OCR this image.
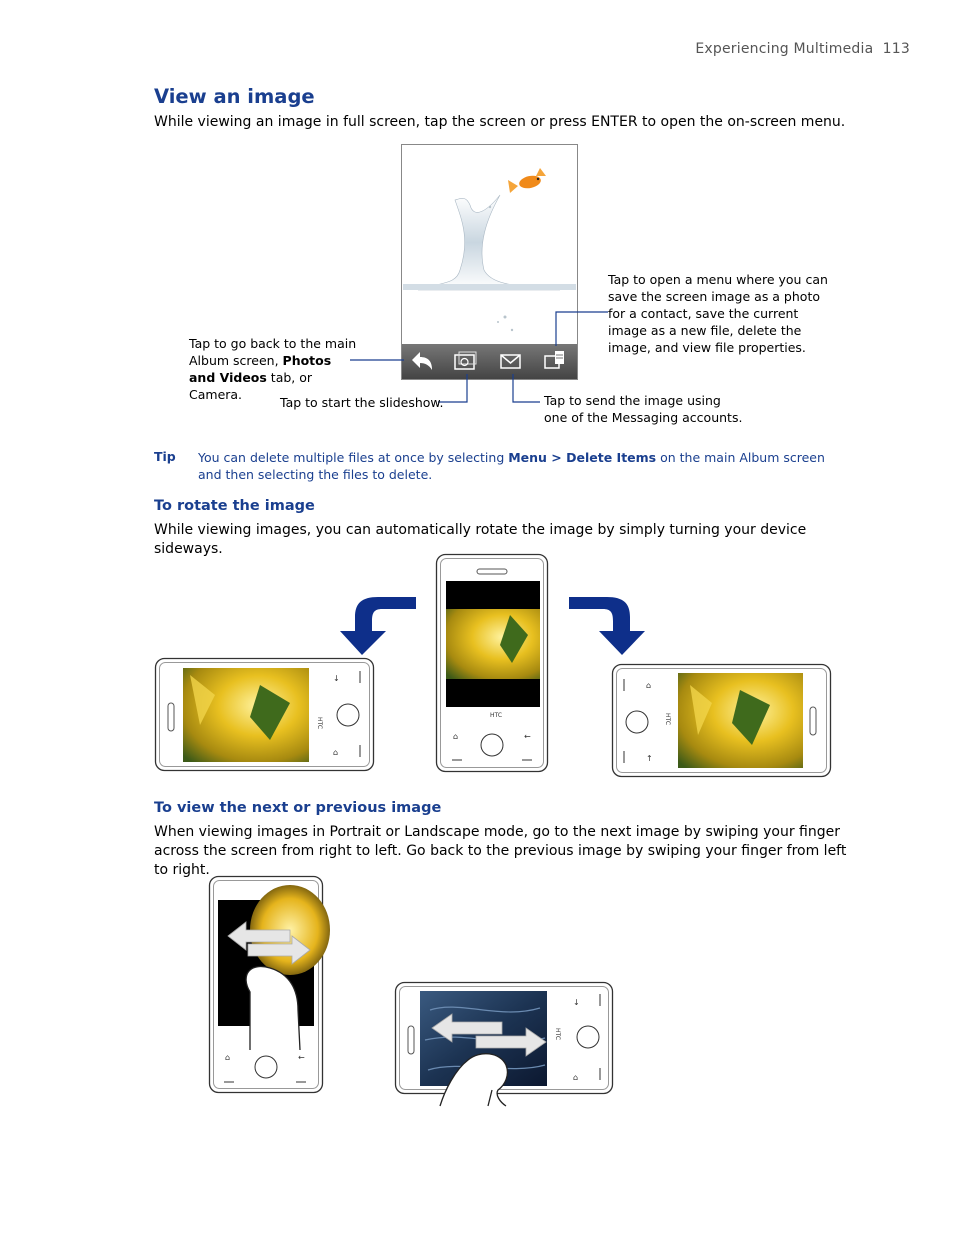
Experiencing Multimedia 113
View an image
While viewing an image in full screen, tap the screen or press ENTER to open the on-screen menu.
Tap to go back to the main Album screen, Photos and Videos tab, or Camera.
Tap to open a menu where you can save the screen image as a photo for a contact, save the current image as a new file, delete the image, and view file properties.
Tap to start the slideshow.	Tap to send the image using one of the Messaging accounts.
Tip You can delete multiple files at once by selecting Menu > Delete Items on the main Album screen and then selecting the files to delete.
To rotate the image
While viewing images, you can automatically rotate the image by simply turning your device sideways.
HTC
⌂	←
HTC
↓
⌂
HTC
⌂
↑
To view the next or previous image
When viewing images in Portrait or Landscape mode, go to the next image by swiping your finger across the screen from right to left. Go back to the previous image by swiping your finger from left to right.
⌂	←
HTC
↓
⌂
